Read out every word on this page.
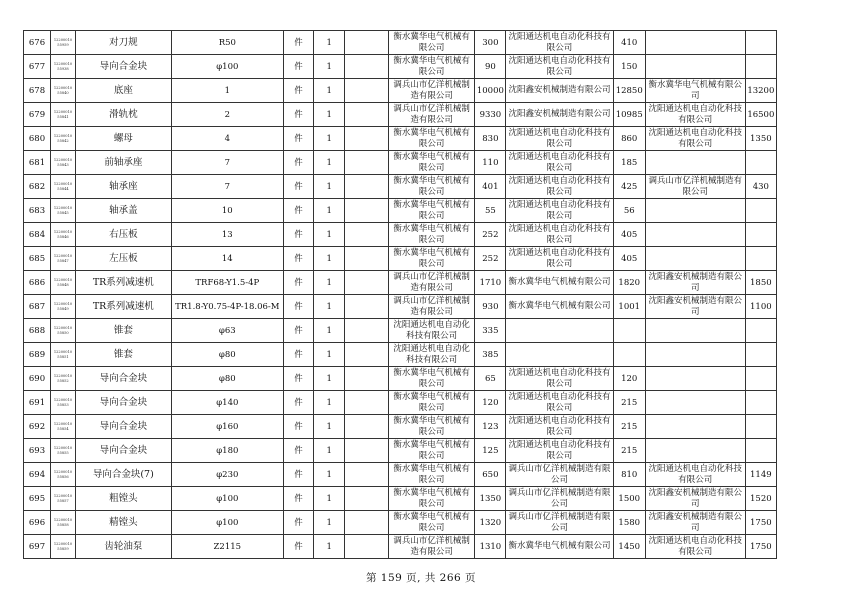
676	12200010 55959	对刀规	R50	件	1		衡水冀华电气机械有限公司	300	沈阳通达机电自动化科技有限公司	410		
677	12200010 55938	导向合金块	φ100	件	1		衡水冀华电气机械有限公司	90	沈阳通达机电自动化科技有限公司	150		
678	12200010 55840	底座	1	件	1		调兵山市亿洋机械制造有限公司	10000	沈阳鑫安机械制造有限公司	12850	衡水冀华电气机械有限公司	13200
679	12200010 55841	滑轨枕	2	件	1		调兵山市亿洋机械制造有限公司	9330	沈阳鑫安机械制造有限公司	10985	沈阳通达机电自动化科技有限公司	16500
680	12200010 55842	螺母	4	件	1		衡水冀华电气机械有限公司	830	沈阳通达机电自动化科技有限公司	860	沈阳通达机电自动化科技有限公司	1350
681	12200010 55843	前轴承座	7	件	1		衡水冀华电气机械有限公司	110	沈阳通达机电自动化科技有限公司	185		
682	12200010 55844	轴承座	7	件	1		衡水冀华电气机械有限公司	401	沈阳通达机电自动化科技有限公司	425	调兵山市亿洋机械制造有限公司	430
683	12200010 55845	轴承盖	10	件	1		衡水冀华电气机械有限公司	55	沈阳通达机电自动化科技有限公司	56		
684	12200010 55846	右压板	13	件	1		衡水冀华电气机械有限公司	252	沈阳通达机电自动化科技有限公司	405		
685	12200010 55847	左压板	14	件	1		衡水冀华电气机械有限公司	252	沈阳通达机电自动化科技有限公司	405		
686	12200010 55848	TR系列减速机	TRF68-Y1.5-4P	件	1		调兵山市亿洋机械制造有限公司	1710	衡水冀华电气机械有限公司	1820	沈阳鑫安机械制造有限公司	1850
687	12200010 55849	TR系列减速机	TR1.8-Y0.75-4P-18.06-M	件	1		调兵山市亿洋机械制造有限公司	930	衡水冀华电气机械有限公司	1001	沈阳鑫安机械制造有限公司	1100
688	12200010 55850	锥套	φ63	件	1		沈阳通达机电自动化科技有限公司	335				
689	12200010 55851	锥套	φ80	件	1		沈阳通达机电自动化科技有限公司	385				
690	12200010 55852	导向合金块	φ80	件	1		衡水冀华电气机械有限公司	65	沈阳通达机电自动化科技有限公司	120		
691	12200010 55853	导向合金块	φ140	件	1		衡水冀华电气机械有限公司	120	沈阳通达机电自动化科技有限公司	215		
692	12200010 55854	导向合金块	φ160	件	1		衡水冀华电气机械有限公司	123	沈阳通达机电自动化科技有限公司	215		
693	12200010 55855	导向合金块	φ180	件	1		衡水冀华电气机械有限公司	125	沈阳通达机电自动化科技有限公司	215		
694	12200010 55856	导向合金块(7)	φ230	件	1		衡水冀华电气机械有限公司	650	调兵山市亿洋机械制造有限公司	810	沈阳通达机电自动化科技有限公司	1149
695	12200010 55857	粗镗头	φ100	件	1		衡水冀华电气机械有限公司	1350	调兵山市亿洋机械制造有限公司	1500	沈阳鑫安机械制造有限公司	1520
696	12200010 55858	精镗头	φ100	件	1		衡水冀华电气机械有限公司	1320	调兵山市亿洋机械制造有限公司	1580	沈阳鑫安机械制造有限公司	1750
697	12200010 55859	齿轮油泵	Z2115	件	1		调兵山市亿洋机械制造有限公司	1310	衡水冀华电气机械有限公司	1450	沈阳通达机电自动化科技有限公司	1750
第 159 页, 共 266 页
